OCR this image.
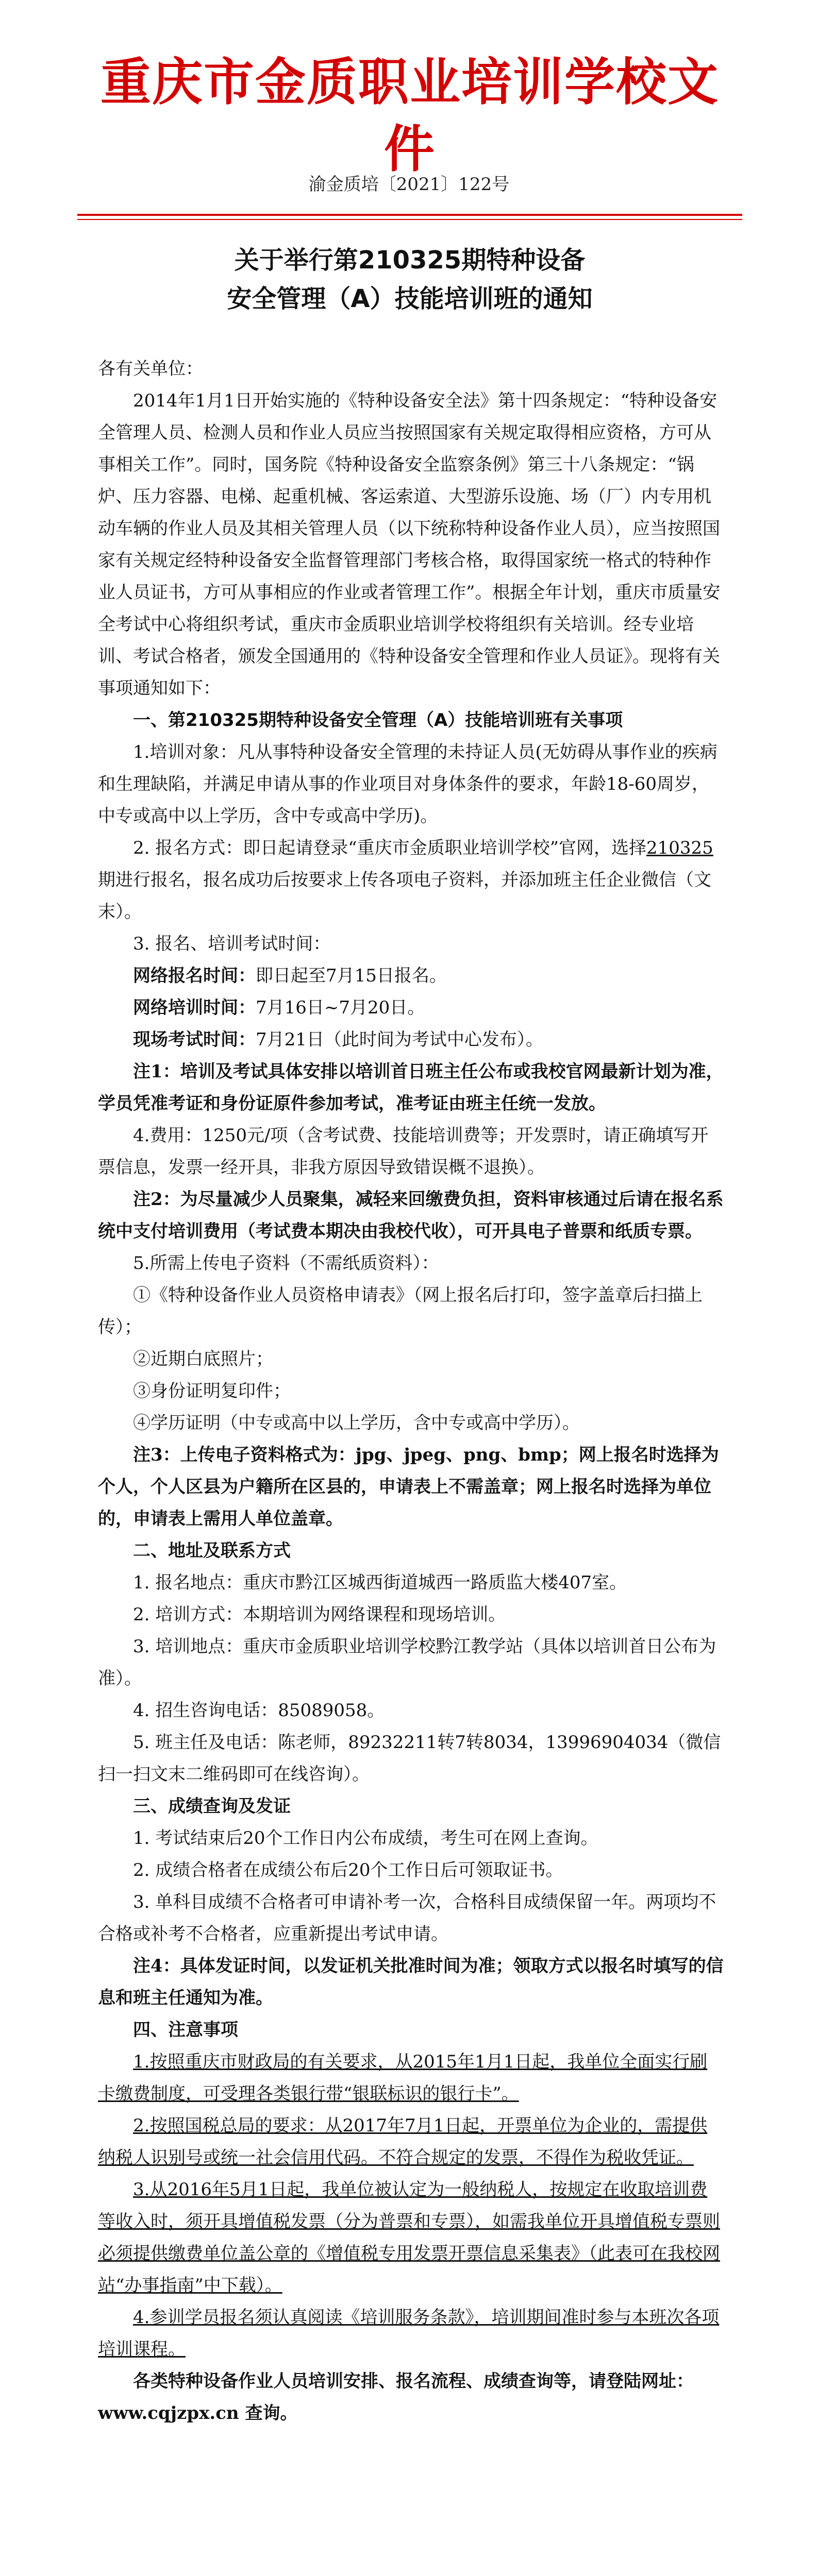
重庆市金质职业培训学校文件
渝金质培〔2021〕122号
关于举行第210325期特种设备
安全管理（A）技能培训班的通知

各有关单位：

2014年1月1日开始实施的《特种设备安全法》第十四条规定：“特种设备安全管理人员、检测人员和作业人员应当按照国家有关规定取得相应资格，方可从事相关工作”。同时，国务院《特种设备安全监察条例》第三十八条规定：“锅炉、压力容器、电梯、起重机械、客运索道、大型游乐设施、场（厂）内专用机动车辆的作业人员及其相关管理人员（以下统称特种设备作业人员），应当按照国家有关规定经特种设备安全监督管理部门考核合格，取得国家统一格式的特种作业人员证书，方可从事相应的作业或者管理工作”。根据全年计划，重庆市质量安全考试中心将组织考试，重庆市金质职业培训学校将组织有关培训。经专业培训、考试合格者，颁发全国通用的《特种设备安全管理和作业人员证》。现将有关事项通知如下：

一、第210325期特种设备安全管理（A）技能培训班有关事项

1.培训对象：凡从事特种设备安全管理的未持证人员(无妨碍从事作业的疾病和生理缺陷，并满足申请从事的作业项目对身体条件的要求，年龄18-60周岁，中专或高中以上学历，含中专或高中学历)。

2. 报名方式：即日起请登录“重庆市金质职业培训学校”官网，选择210325期进行报名，报名成功后按要求上传各项电子资料，并添加班主任企业微信（文末）。

3. 报名、培训考试时间：

网络报名时间：即日起至7月15日报名。

网络培训时间：7月16日~7月20日。

现场考试时间：7月21日（此时间为考试中心发布）。

注1：培训及考试具体安排以培训首日班主任公布或我校官网最新计划为准，学员凭准考证和身份证原件参加考试，准考证由班主任统一发放。

4.费用：1250元/项（含考试费、技能培训费等；开发票时，请正确填写开票信息，发票一经开具，非我方原因导致错误概不退换）。

注2：为尽量减少人员聚集，减轻来回缴费负担，资料审核通过后请在报名系统中支付培训费用（考试费本期决由我校代收），可开具电子普票和纸质专票。

5.所需上传电子资料（不需纸质资料）：

①《特种设备作业人员资格申请表》（网上报名后打印，签字盖章后扫描上传）；

②近期白底照片；

③身份证明复印件；

④学历证明（中专或高中以上学历，含中专或高中学历）。

注3：上传电子资料格式为：jpg、jpeg、png、bmp；网上报名时选择为个人，个人区县为户籍所在区县的，申请表上不需盖章；网上报名时选择为单位的，申请表上需用人单位盖章。

二、地址及联系方式

1. 报名地点：重庆市黔江区城西街道城西一路质监大楼407室。

2. 培训方式：本期培训为网络课程和现场培训。

3. 培训地点：重庆市金质职业培训学校黔江教学站（具体以培训首日公布为准）。

4. 招生咨询电话：85089058。

5. 班主任及电话：陈老师，89232211转7转8034，13996904034（微信扫一扫文末二维码即可在线咨询）。

三、成绩查询及发证

1. 考试结束后20个工作日内公布成绩，考生可在网上查询。

2. 成绩合格者在成绩公布后20个工作日后可领取证书。

3. 单科目成绩不合格者可申请补考一次，合格科目成绩保留一年。两项均不合格或补考不合格者，应重新提出考试申请。

注4：具体发证时间，以发证机关批准时间为准；领取方式以报名时填写的信息和班主任通知为准。

四、注意事项

1.按照重庆市财政局的有关要求，从2015年1月1日起，我单位全面实行刷卡缴费制度，可受理各类银行带“银联标识的银行卡”。

2.按照国税总局的要求：从2017年7月1日起，开票单位为企业的，需提供纳税人识别号或统一社会信用代码。不符合规定的发票，不得作为税收凭证。

3.从2016年5月1日起，我单位被认定为一般纳税人，按规定在收取培训费等收入时，须开具增值税发票（分为普票和专票），如需我单位开具增值税专票则必须提供缴费单位盖公章的《增值税专用发票开票信息采集表》（此表可在我校网站“办事指南”中下载）。

4.参训学员报名须认真阅读《培训服务条款》，培训期间准时参与本班次各项培训课程。

各类特种设备作业人员培训安排、报名流程、成绩查询等，请登陆网址：www.cqjzpx.cn 查询。
